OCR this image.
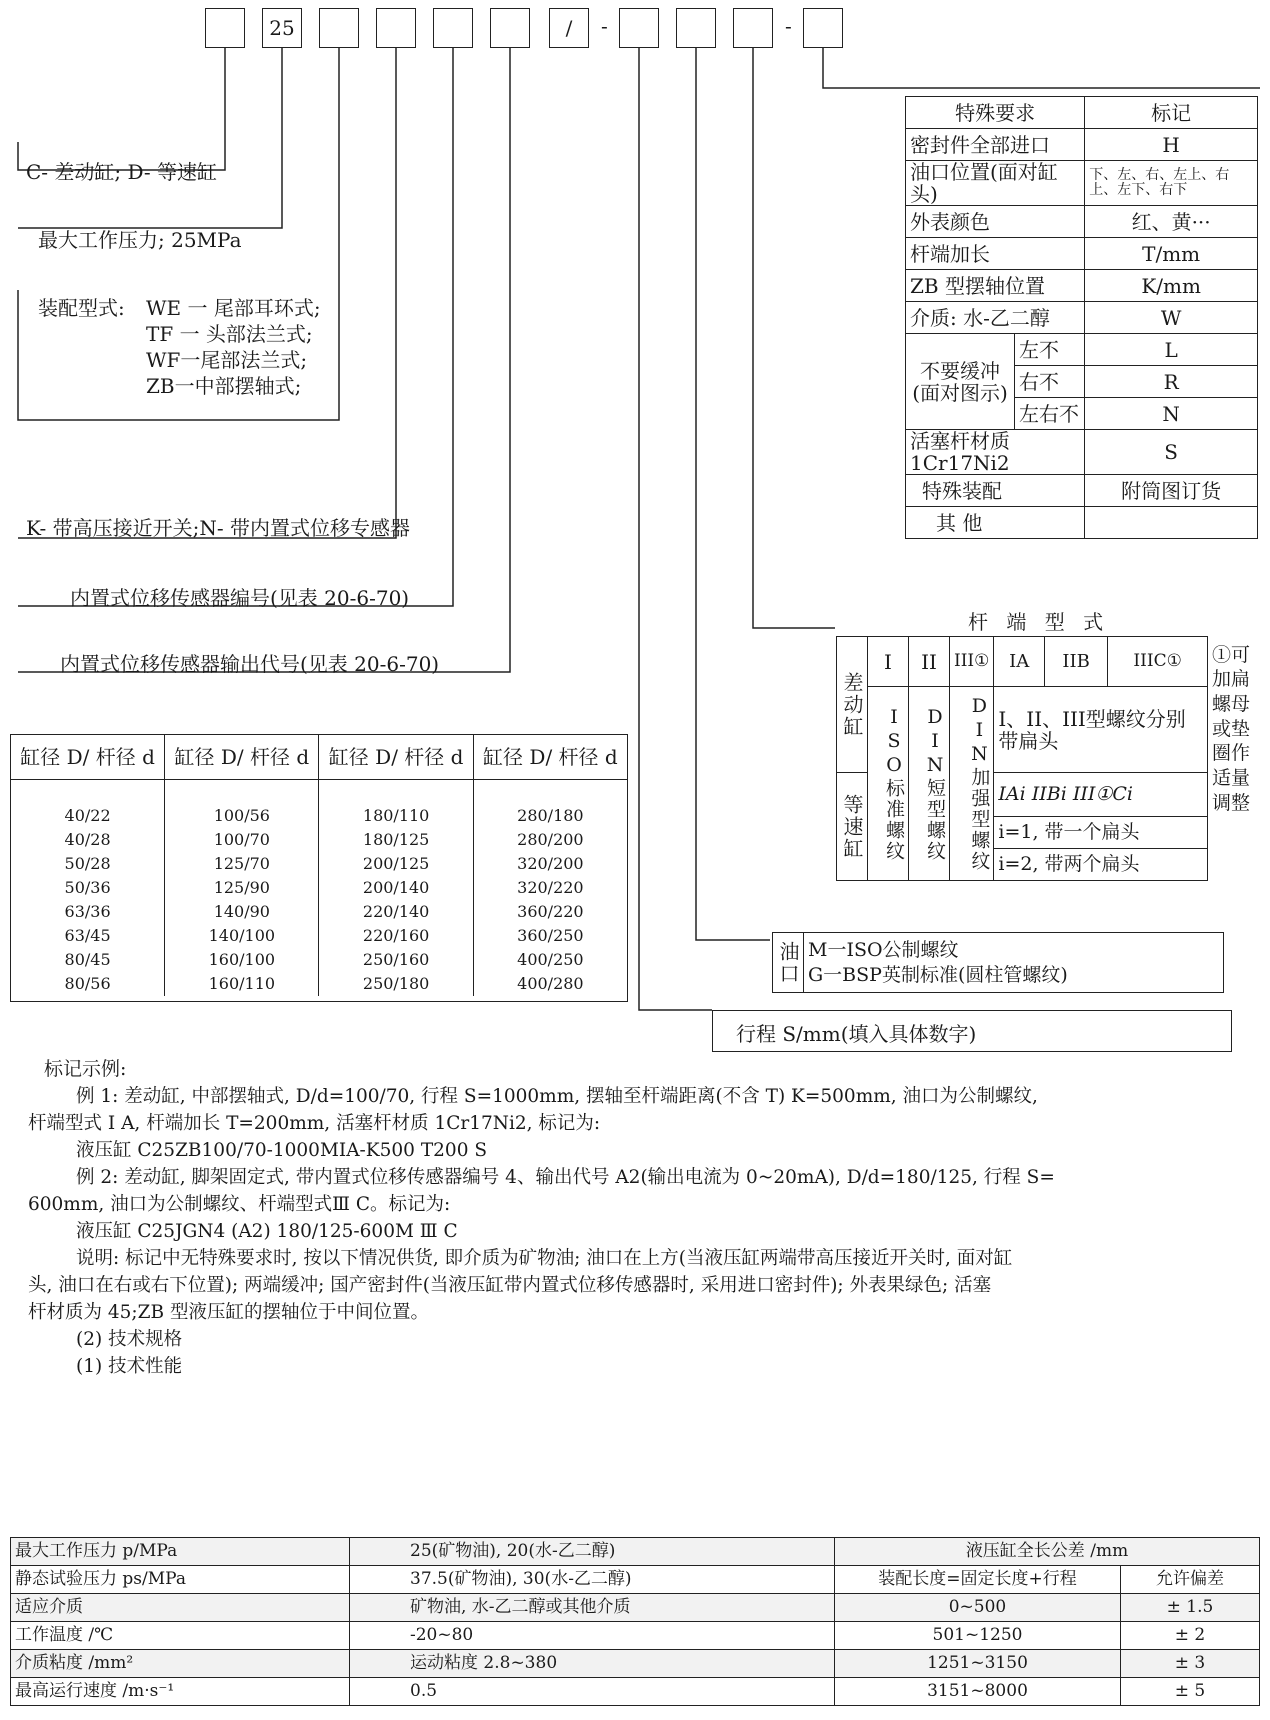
25	/	-	-
C- 差动缸; D- 等速缸
最大工作压力; 25MPa
装配型式: WE 一 尾部耳环式;
TF 一 头部法兰式;
WF一尾部法兰式;
ZB一中部摆轴式;
K- 带高压接近开关;N- 带内置式位移专感器
内置式位移传感器编号(见表 20-6-70)
内置式位移传感器输出代号(见表 20-6-70)
特殊要求		标记
密封件全部进口		H
油口位置(面对缸头)		下、左、右、左上、右上、左下、右下
外表颜色		红、黄···
杆端加长		T/mm
ZB 型摆轴位置		K/mm
介质: 水-乙二醇		W

不要缓冲
(面对图示)	左不	L
	右不	R
	左右不	N
活塞杆材质1Cr17Ni2		S
特殊装配		附筒图订货
其 他		
杆 端 型 式
差动缸	I	II	III①	IA	IIB	IIIC①	①可加扁螺母或垫圈作适量调整
	ISO标准螺纹	DIN短型螺纹	DIN加强型螺纹	I、II、III型螺纹分别带扁头			
等速缸				IAi IIBi III①Ci			
				i=1, 带一个扁头			
				i=2, 带两个扁头			
油口	M一ISO公制螺纹
G一BSP英制标准(圆柱管螺纹)
行程 S/mm(填入具体数字)
缸径 D/ 杆径 d	缸径 D/ 杆径 d	缸径 D/ 杆径 d	缸径 D/ 杆径 d

40/22	100/56	180/110	280/180
40/28	100/70	180/125	280/200
50/28	125/70	200/125	320/200
50/36	125/90	200/140	320/220
63/36	140/90	220/140	360/220
63/45	140/100	220/160	360/250
80/45	160/100	250/160	400/250
80/56	160/110	250/180	400/280
标记示例:
例 1: 差动缸, 中部摆轴式, D/d=100/70, 行程 S=1000mm, 摆轴至杆端距离(不含 T) K=500mm, 油口为公制螺纹,
杆端型式 I A, 杆端加长 T=200mm, 活塞杆材质 1Cr17Ni2, 标记为:
液压缸 C25ZB100/70-1000MIA-K500 T200 S
例 2: 差动缸, 脚架固定式, 带内置式位移传感器编号 4、输出代号 A2(输出电流为 0~20mA), D/d=180/125, 行程 S=
600mm, 油口为公制螺纹、杆端型式Ⅲ C。标记为:
液压缸 C25JGN4 (A2) 180/125-600M Ⅲ C
说明: 标记中无特殊要求时, 按以下情况供货, 即介质为矿物油; 油口在上方(当液压缸两端带高压接近开关时, 面对缸
头, 油口在右或右下位置); 两端缓冲; 国产密封件(当液压缸带内置式位移传感器时, 采用进口密封件); 外表果绿色; 活塞
杆材质为 45;ZB 型液压缸的摆轴位于中间位置。
(2) 技术规格
(1) 技术性能
最大工作压力 p/MPa	25(矿物油), 20(水-乙二醇)	液压缸全长公差 /mm	
静态试验压力 ps/MPa	37.5(矿物油), 30(水-乙二醇)	装配长度=固定长度+行程	允许偏差
适应介质	矿物油, 水-乙二醇或其他介质	0~500	± 1.5
工作温度 /℃	-20~80	501~1250	± 2
介质粘度 /mm²	运动粘度 2.8~380	1251~3150	± 3
最高运行速度 /m·s⁻¹	0.5	3151~8000	± 5
